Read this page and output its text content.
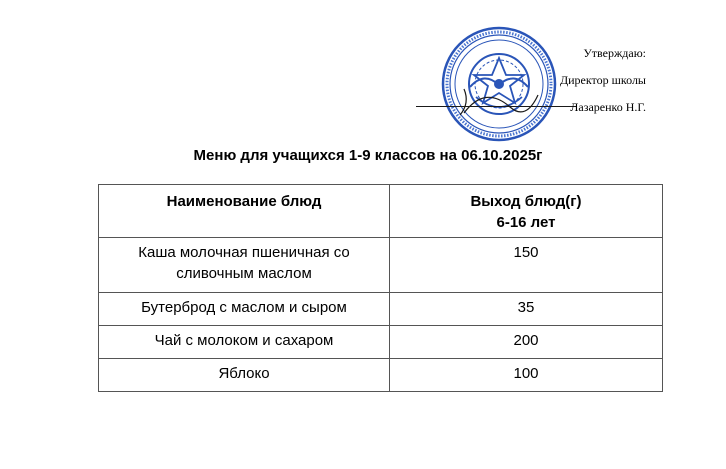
Утверждаю:
Директор школы
Лазаренко Н.Г.
Меню для учащихся 1-9 классов на 06.10.2025г
Наименование блюд	Выход блюд(г)
6-16 лет

Каша молочная пшеничная со
сливочным маслом	150
Бутерброд с маслом и сыром	35
Чай с молоком и сахаром	200
Яблоко	100
